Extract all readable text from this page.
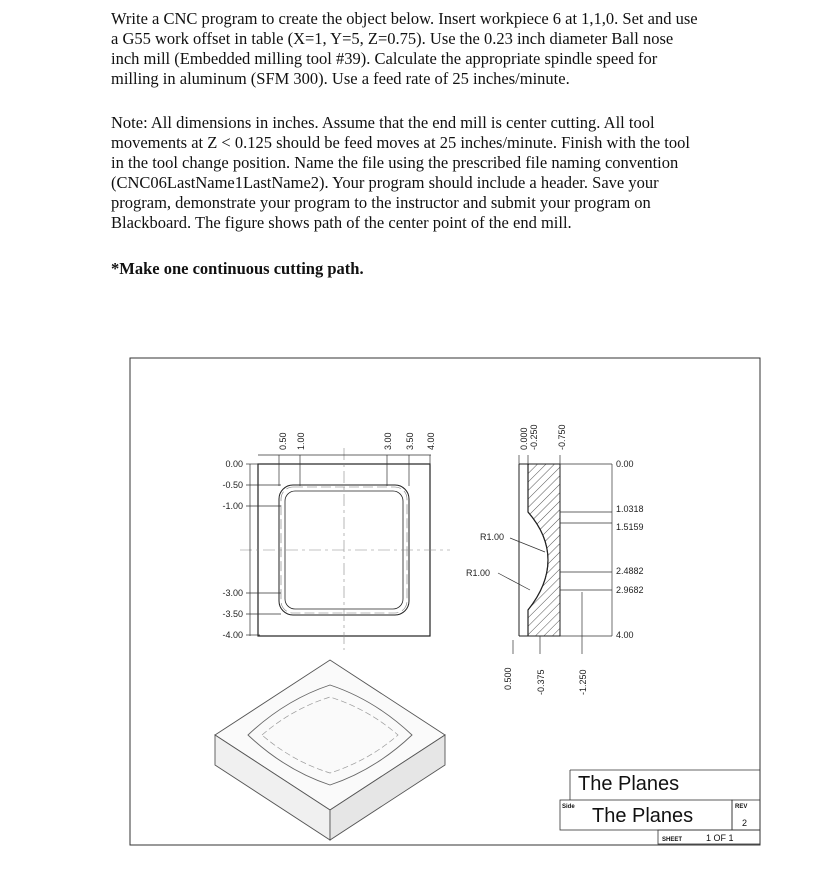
Write a CNC program to create the object below. Insert workpiece 6 at 1,1,0. Set and use
a G55 work offset in table (X=1, Y=5, Z=0.75). Use the 0.23 inch diameter Ball nose
inch mill (Embedded milling tool #39). Calculate the appropriate spindle speed for
milling in aluminum (SFM 300). Use a feed rate of 25 inches/minute.
Note: All dimensions in inches. Assume that the end mill is center cutting. All tool
movements at Z < 0.125 should be feed moves at 25 inches/minute. Finish with the tool
in the tool change position. Name the file using the prescribed file naming convention
(CNC06LastName1LastName2). Your program should include a header. Save your
program, demonstrate your program to the instructor and submit your program on
Blackboard. The figure shows path of the center point of the end mill.
*Make one continuous cutting path.
0.50 1.00	3.00 3.50 4.00
0.00
-0.50
-1.00
-3.00
-3.50
-4.00
0.000 -0.250 -0.750
0.500	-0.375	-1.250
0.00
1.0318
1.5159
2.4882
2.9682
4.00
R1.00
R1.00
The Planes
Side The Planes	REV
2
SHEET	1 OF 1
